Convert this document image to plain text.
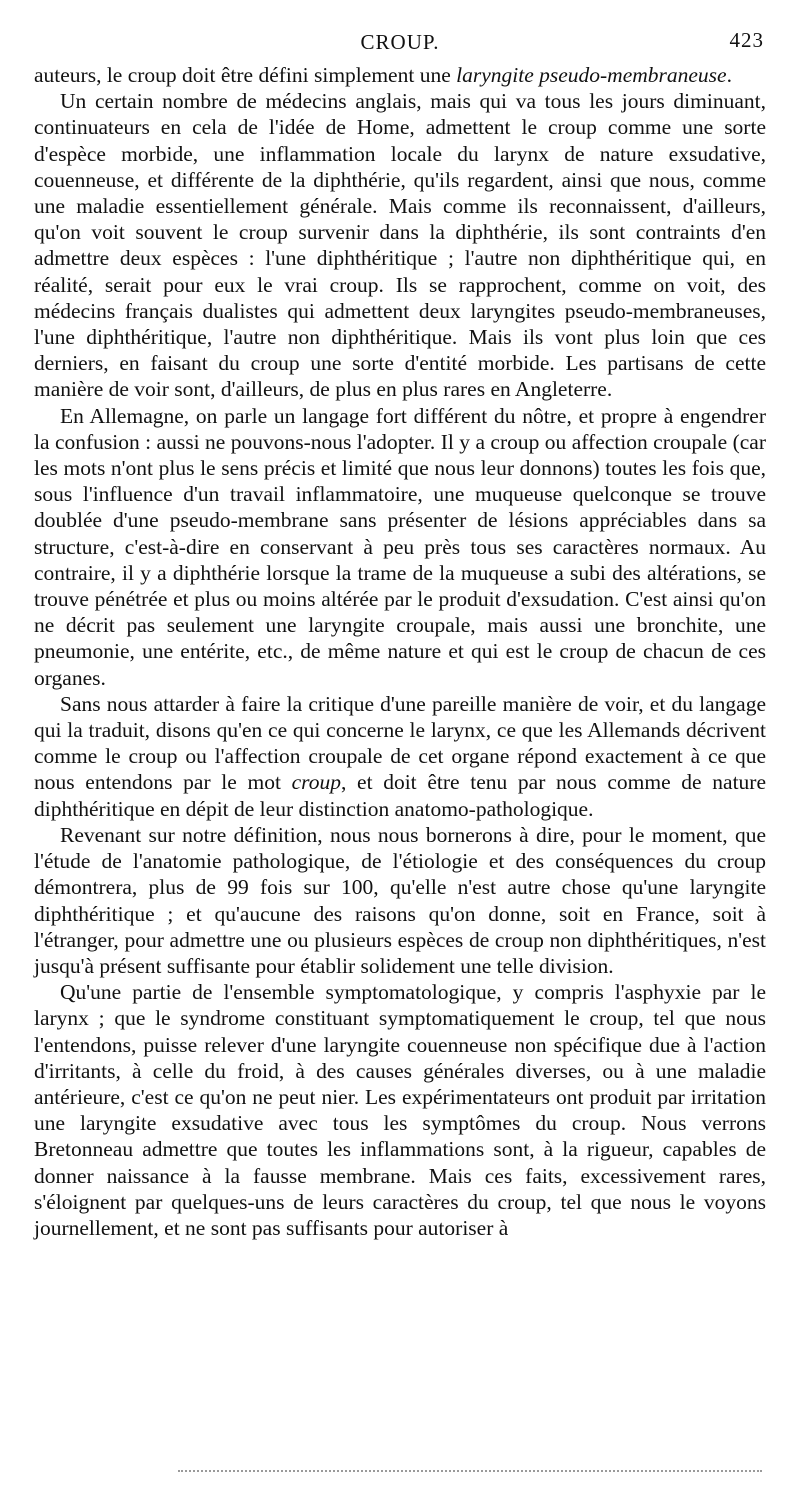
CROUP.	423

auteurs, le croup doit être défini simplement une laryngite pseudo-membraneuse.

Un certain nombre de médecins anglais, mais qui va tous les jours diminuant, continuateurs en cela de l'idée de Home, admettent le croup comme une sorte d'espèce morbide, une inflammation locale du larynx de nature exsudative, couenneuse, et différente de la diphthérie, qu'ils regardent, ainsi que nous, comme une maladie essentiellement générale. Mais comme ils reconnaissent, d'ailleurs, qu'on voit souvent le croup survenir dans la diphthérie, ils sont contraints d'en admettre deux espèces : l'une diphthéritique ; l'autre non diphthéritique qui, en réalité, serait pour eux le vrai croup. Ils se rapprochent, comme on voit, des médecins français dualistes qui admettent deux laryngites pseudo-membraneuses, l'une diphthéritique, l'autre non diphthéritique. Mais ils vont plus loin que ces derniers, en faisant du croup une sorte d'entité morbide. Les partisans de cette manière de voir sont, d'ailleurs, de plus en plus rares en Angleterre.

En Allemagne, on parle un langage fort différent du nôtre, et propre à engendrer la confusion : aussi ne pouvons-nous l'adopter. Il y a croup ou affection croupale (car les mots n'ont plus le sens précis et limité que nous leur donnons) toutes les fois que, sous l'influence d'un travail inflammatoire, une muqueuse quelconque se trouve doublée d'une pseudo-membrane sans présenter de lésions appréciables dans sa structure, c'est-à-dire en conservant à peu près tous ses caractères normaux. Au contraire, il y a diphthérie lorsque la trame de la muqueuse a subi des altérations, se trouve pénétrée et plus ou moins altérée par le produit d'exsudation. C'est ainsi qu'on ne décrit pas seulement une laryngite croupale, mais aussi une bronchite, une pneumonie, une entérite, etc., de même nature et qui est le croup de chacun de ces organes.

Sans nous attarder à faire la critique d'une pareille manière de voir, et du langage qui la traduit, disons qu'en ce qui concerne le larynx, ce que les Allemands décrivent comme le croup ou l'affection croupale de cet organe répond exactement à ce que nous entendons par le mot croup, et doit être tenu par nous comme de nature diphthéritique en dépit de leur distinction anatomo-pathologique.

Revenant sur notre définition, nous nous bornerons à dire, pour le moment, que l'étude de l'anatomie pathologique, de l'étiologie et des conséquences du croup démontrera, plus de 99 fois sur 100, qu'elle n'est autre chose qu'une laryngite diphthéritique ; et qu'aucune des raisons qu'on donne, soit en France, soit à l'étranger, pour admettre une ou plusieurs espèces de croup non diphthéritiques, n'est jusqu'à présent suffisante pour établir solidement une telle division.

Qu'une partie de l'ensemble symptomatologique, y compris l'asphyxie par le larynx ; que le syndrome constituant symptomatiquement le croup, tel que nous l'entendons, puisse relever d'une laryngite couenneuse non spécifique due à l'action d'irritants, à celle du froid, à des causes générales diverses, ou à une maladie antérieure, c'est ce qu'on ne peut nier. Les expérimentateurs ont produit par irritation une laryngite exsudative avec tous les symptômes du croup. Nous verrons Bretonneau admettre que toutes les inflammations sont, à la rigueur, capables de donner naissance à la fausse membrane. Mais ces faits, excessivement rares, s'éloignent par quelques-uns de leurs caractères du croup, tel que nous le voyons journellement, et ne sont pas suffisants pour autoriser à
